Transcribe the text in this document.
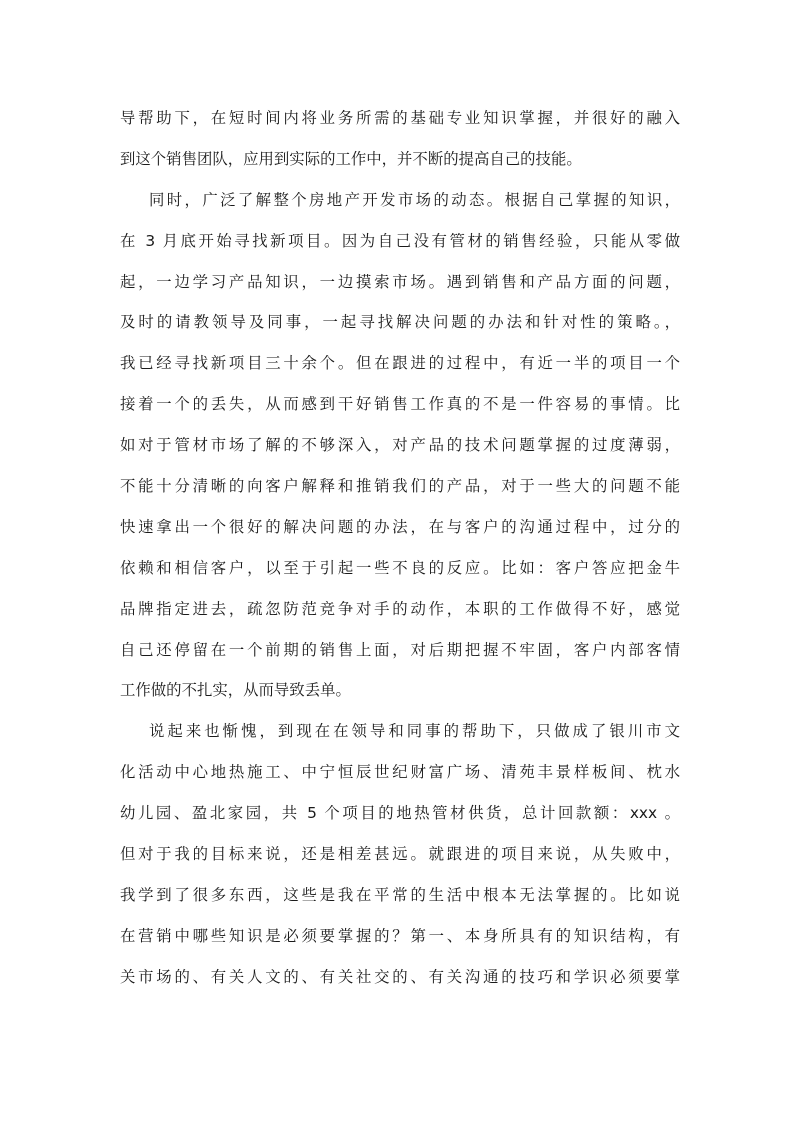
导帮助下，在短时间内将业务所需的基础专业知识掌握，并很好的融入
到这个销售团队，应用到实际的工作中，并不断的提高自己的技能。
同时，广泛了解整个房地产开发市场的动态。根据自己掌握的知识，
在 3 月底开始寻找新项目。因为自己没有管材的销售经验，只能从零做
起，一边学习产品知识，一边摸索市场。遇到销售和产品方面的问题，
及时的请教领导及同事，一起寻找解决问题的办法和针对性的策略。，
我已经寻找新项目三十余个。但在跟进的过程中，有近一半的项目一个
接着一个的丢失，从而感到干好销售工作真的不是一件容易的事情。比
如对于管材市场了解的不够深入，对产品的技术问题掌握的过度薄弱，
不能十分清晰的向客户解释和推销我们的产品，对于一些大的问题不能
快速拿出一个很好的解决问题的办法，在与客户的沟通过程中，过分的
依赖和相信客户，以至于引起一些不良的反应。比如：客户答应把金牛
品牌指定进去，疏忽防范竞争对手的动作，本职的工作做得不好，感觉
自己还停留在一个前期的销售上面，对后期把握不牢固，客户内部客情
工作做的不扎实，从而导致丢单。
说起来也惭愧，到现在在领导和同事的帮助下，只做成了银川市文
化活动中心地热施工、中宁恒辰世纪财富广场、清苑丰景样板间、枕水
幼儿园、盈北家园，共 5 个项目的地热管材供货，总计回款额：xxx 。
但对于我的目标来说，还是相差甚远。就跟进的项目来说，从失败中，
我学到了很多东西，这些是我在平常的生活中根本无法掌握的。比如说
在营销中哪些知识是必须要掌握的？第一、本身所具有的知识结构，有
关市场的、有关人文的、有关社交的、有关沟通的技巧和学识必须要掌
